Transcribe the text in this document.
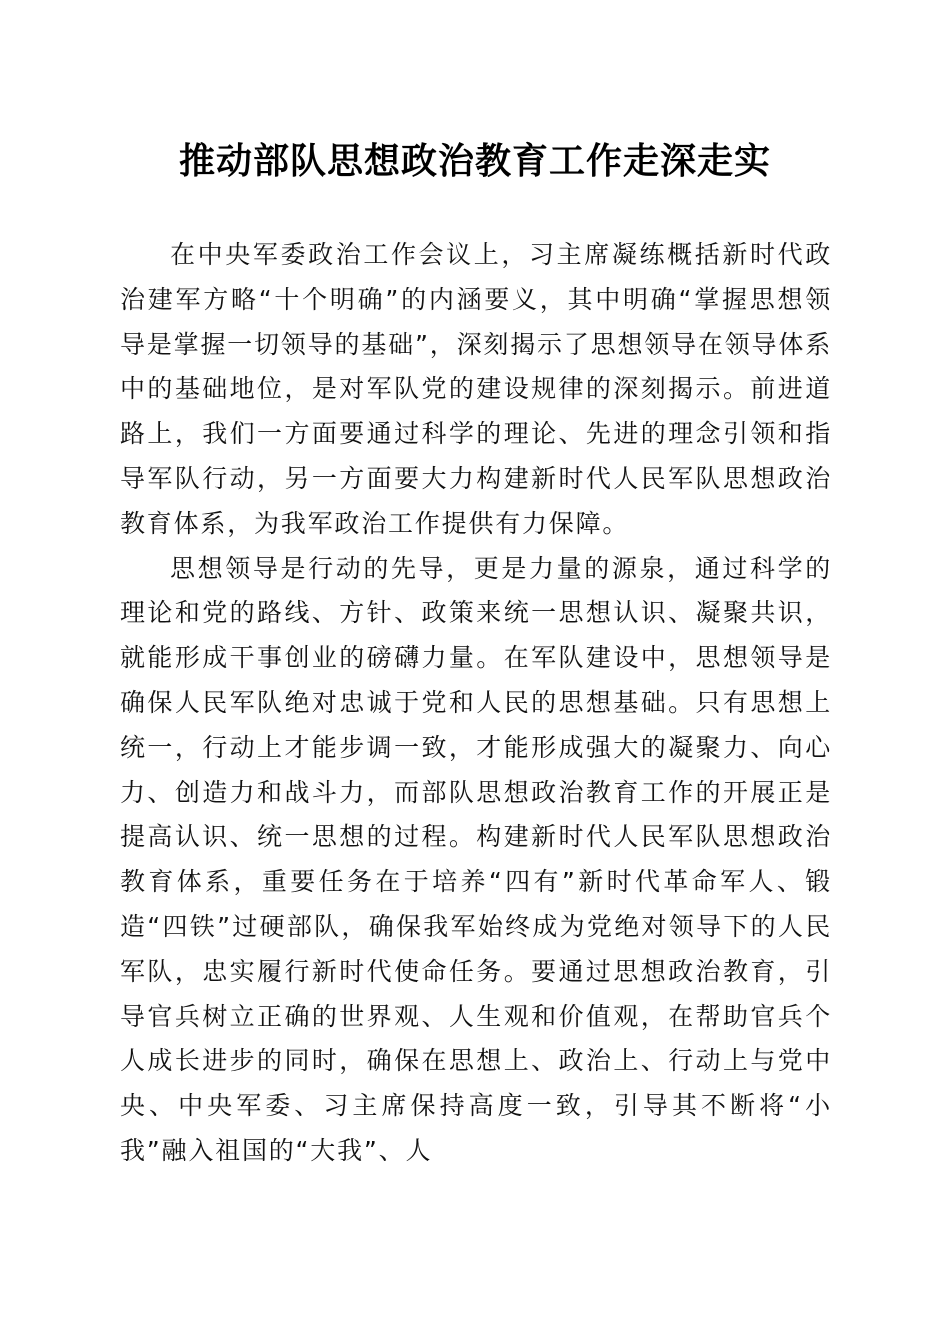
推动部队思想政治教育工作走深走实

在中央军委政治工作会议上，习主席凝练概括新时代政治建军方略“十个明确”的内涵要义，其中明确“掌握思想领导是掌握一切领导的基础”，深刻揭示了思想领导在领导体系中的基础地位，是对军队党的建设规律的深刻揭示。前进道路上，我们一方面要通过科学的理论、先进的理念引领和指导军队行动，另一方面要大力构建新时代人民军队思想政治教育体系，为我军政治工作提供有力保障。

思想领导是行动的先导，更是力量的源泉，通过科学的理论和党的路线、方针、政策来统一思想认识、凝聚共识，就能形成干事创业的磅礴力量。在军队建设中，思想领导是确保人民军队绝对忠诚于党和人民的思想基础。只有思想上统一，行动上才能步调一致，才能形成强大的凝聚力、向心力、创造力和战斗力，而部队思想政治教育工作的开展正是提高认识、统一思想的过程。构建新时代人民军队思想政治教育体系，重要任务在于培养“四有”新时代革命军人、锻造“四铁”过硬部队，确保我军始终成为党绝对领导下的人民军队，忠实履行新时代使命任务。要通过思想政治教育，引导官兵树立正确的世界观、人生观和价值观，在帮助官兵个人成长进步的同时，确保在思想上、政治上、行动上与党中央、中央军委、习主席保持高度一致，引导其不断将“小我”融入祖国的“大我”、人
